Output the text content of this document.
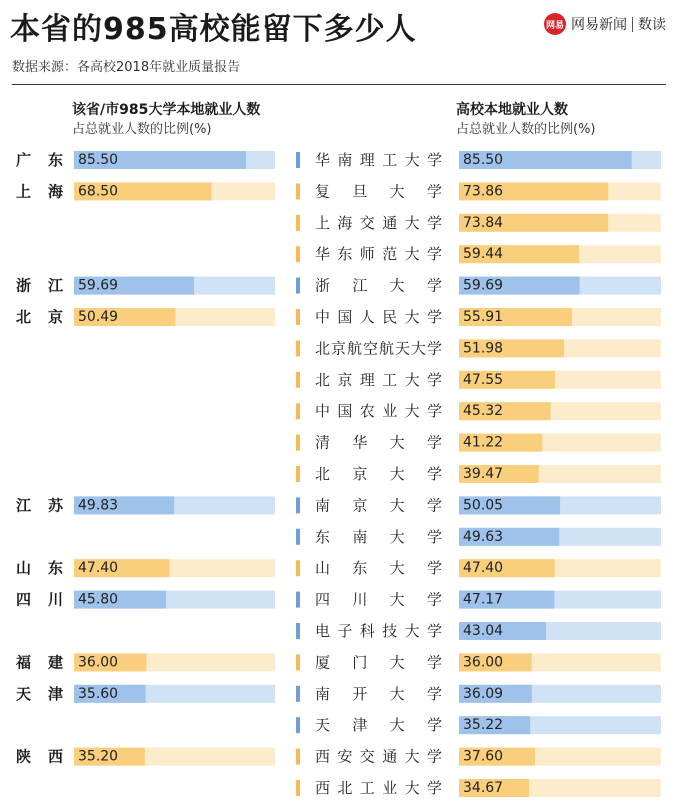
本省的985高校能留下多少人
数据来源：各高校2018年就业质量报告
网易 网易新闻 数读
该省/市985大学本地就业人数
占总就业人数的比例(%)
高校本地就业人数
占总就业人数的比例(%)
85.50
广 东
68.50
上 海
59.69
浙 江
50.49
北 京
49.83
江 苏
47.40
山 东
45.80
四 川
36.00
福 建
35.60
天 津
35.20
陕 西
华南理工大学 85.50
复旦大学 73.86
上海交通大学 73.84
华东师范大学 59.44
浙江大学 59.69
中国人民大学 55.91
北京航空航天大学 51.98
北京理工大学 47.55
中国农业大学 45.32
清华大学 41.22
北京大学 39.47
南京大学 50.05
东南大学 49.63
山东大学 47.40
四川大学 47.17
电子科技大学 43.04
厦门大学 36.00
南开大学 36.09
天津大学 35.22
西安交通大学 37.60
西北工业大学 34.67
